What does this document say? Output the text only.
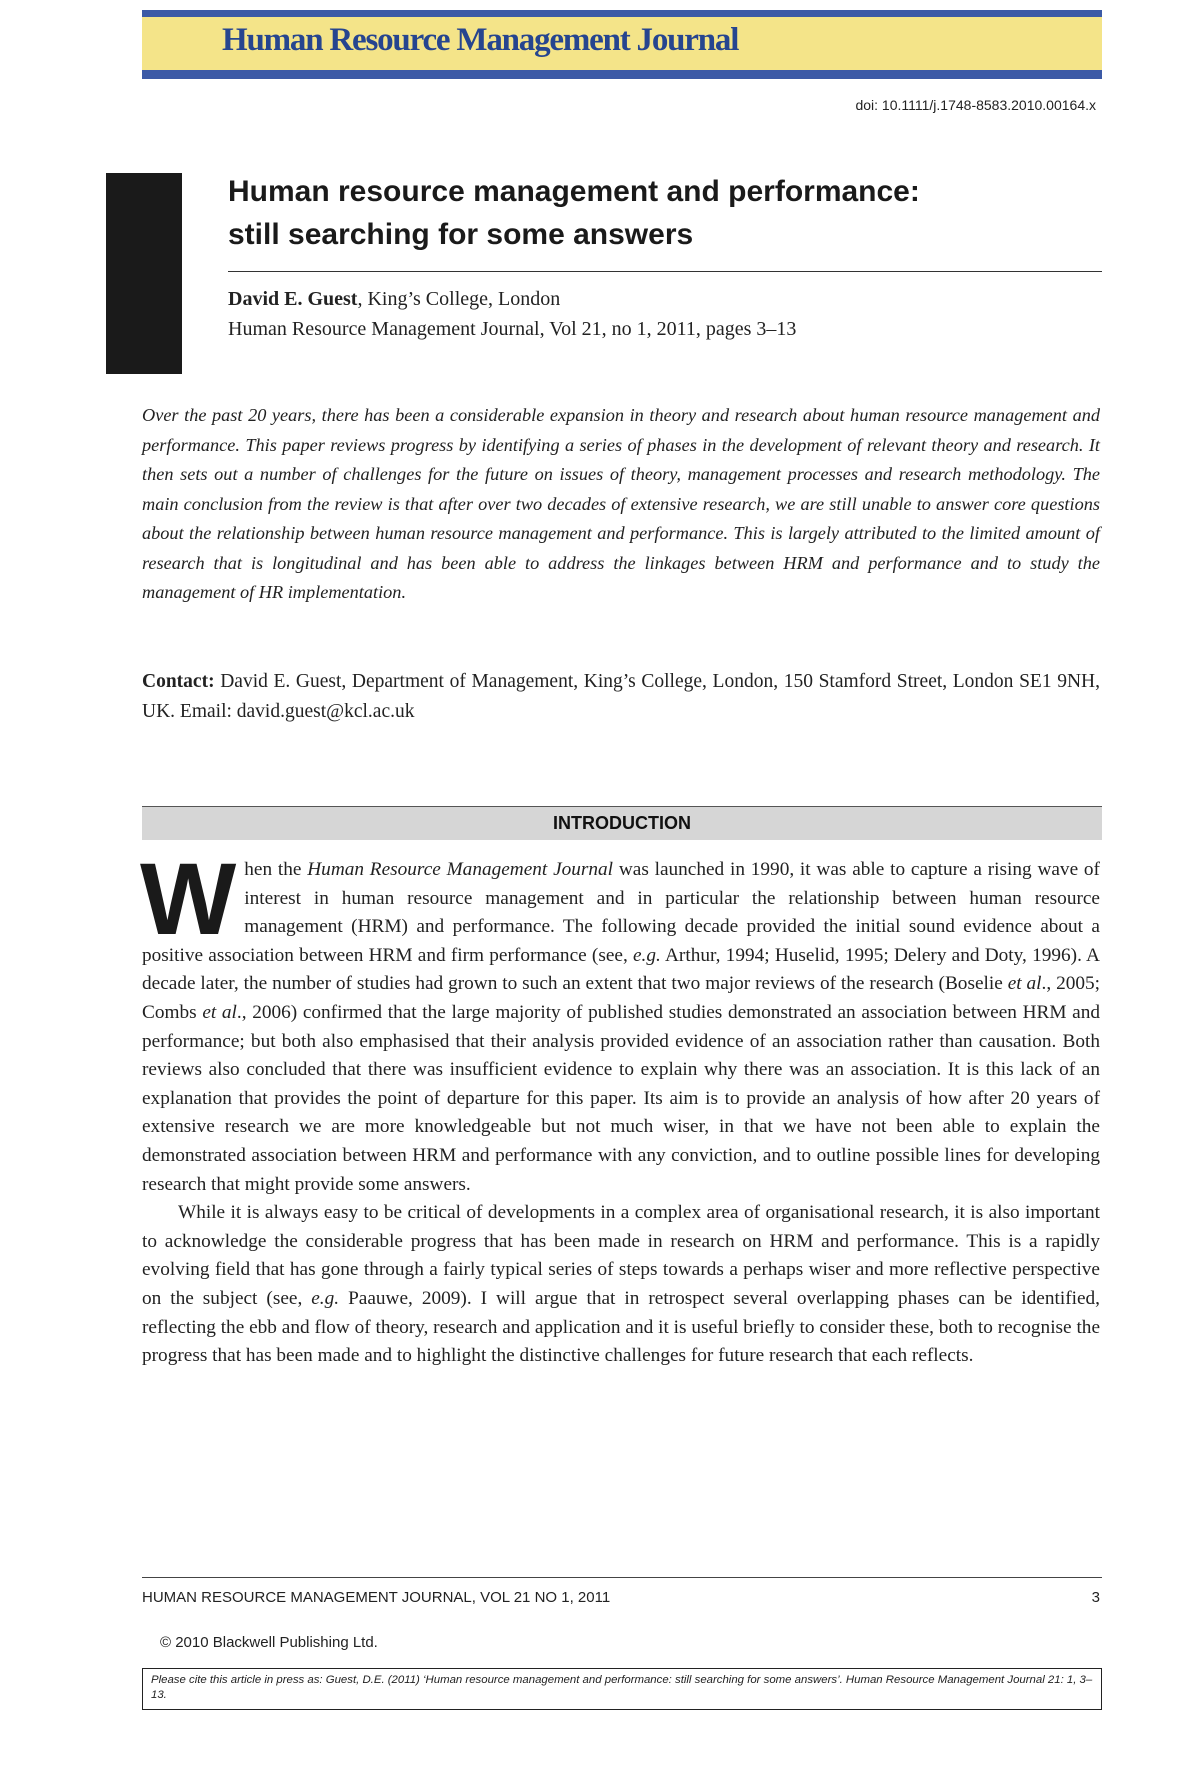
Human Resource Management Journal
doi: 10.1111/j.1748-8583.2010.00164.x
Human resource management and performance:
still searching for some answers
David E. Guest, King’s College, London
Human Resource Management Journal, Vol 21, no 1, 2011, pages 3–13
Over the past 20 years, there has been a considerable expansion in theory and research about human resource management and performance. This paper reviews progress by identifying a series of phases in the development of relevant theory and research. It then sets out a number of challenges for the future on issues of theory, management processes and research methodology. The main conclusion from the review is that after over two decades of extensive research, we are still unable to answer core questions about the relationship between human resource management and performance. This is largely attributed to the limited amount of research that is longitudinal and has been able to address the linkages between HRM and performance and to study the management of HR implementation.
Contact: David E. Guest, Department of Management, King’s College, London, 150 Stamford Street, London SE1 9NH, UK. Email: david.guest@kcl.ac.uk
INTRODUCTION

When the Human Resource Management Journal was launched in 1990, it was able to capture a rising wave of interest in human resource management and in particular the relationship between human resource management (HRM) and performance. The following decade provided the initial sound evidence about a positive association between HRM and firm performance (see, e.g. Arthur, 1994; Huselid, 1995; Delery and Doty, 1996). A decade later, the number of studies had grown to such an extent that two major reviews of the research (Boselie et al., 2005; Combs et al., 2006) confirmed that the large majority of published studies demonstrated an association between HRM and performance; but both also emphasised that their analysis provided evidence of an association rather than causation. Both reviews also concluded that there was insufficient evidence to explain why there was an association. It is this lack of an explanation that provides the point of departure for this paper. Its aim is to provide an analysis of how after 20 years of extensive research we are more knowledgeable but not much wiser, in that we have not been able to explain the demonstrated association between HRM and performance with any conviction, and to outline possible lines for developing research that might provide some answers.

While it is always easy to be critical of developments in a complex area of organisational research, it is also important to acknowledge the considerable progress that has been made in research on HRM and performance. This is a rapidly evolving field that has gone through a fairly typical series of steps towards a perhaps wiser and more reflective perspective on the subject (see, e.g. Paauwe, 2009). I will argue that in retrospect several overlapping phases can be identified, reflecting the ebb and flow of theory, research and application and it is useful briefly to consider these, both to recognise the progress that has been made and to highlight the distinctive challenges for future research that each reflects.

HUMAN RESOURCE MANAGEMENT JOURNAL, VOL 21 NO 1, 2011	3
© 2010 Blackwell Publishing Ltd.
Please cite this article in press as: Guest, D.E. (2011) ‘Human resource management and performance: still searching for some answers’. Human Resource Management Journal 21: 1, 3–13.
